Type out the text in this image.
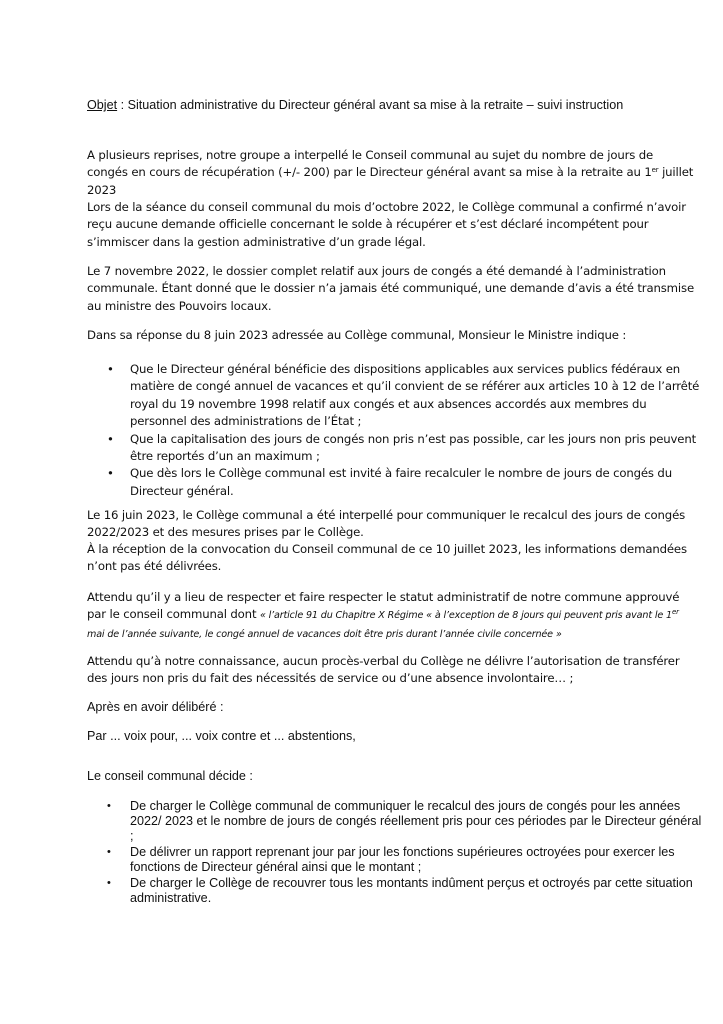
Objet : Situation administrative du Directeur général avant sa mise à la retraite – suivi instruction

A plusieurs reprises, notre groupe a interpellé le Conseil communal au sujet du nombre de jours de congés en cours de récupération (+/- 200) par le Directeur général avant sa mise à la retraite au 1er juillet 2023

Lors de la séance du conseil communal du mois d’octobre 2022, le Collège communal a confirmé n’avoir reçu aucune demande officielle concernant le solde à récupérer et s’est déclaré incompétent pour s’immiscer dans la gestion administrative d’un grade légal.

Le 7 novembre 2022, le dossier complet relatif aux jours de congés a été demandé à l’administration communale. Étant donné que le dossier n’a jamais été communiqué, une demande d’avis a été transmise au ministre des Pouvoirs locaux.

Dans sa réponse du 8 juin 2023 adressée au Collège communal, Monsieur le Ministre indique :

• Que le Directeur général bénéficie des dispositions applicables aux services publics fédéraux en matière de congé annuel de vacances et qu’il convient de se référer aux articles 10 à 12 de l’arrêté royal du 19 novembre 1998 relatif aux congés et aux absences accordés aux membres du personnel des administrations de l’État ;
• Que la capitalisation des jours de congés non pris n’est pas possible, car les jours non pris peuvent être reportés d’un an maximum ;
• Que dès lors le Collège communal est invité à faire recalculer le nombre de jours de congés du Directeur général.

Le 16 juin 2023, le Collège communal a été interpellé pour communiquer le recalcul des jours de congés 2022/2023 et des mesures prises par le Collège.

À la réception de la convocation du Conseil communal de ce 10 juillet 2023, les informations demandées n’ont pas été délivrées.

Attendu qu’il y a lieu de respecter et faire respecter le statut administratif de notre commune approuvé par le conseil communal dont « l’article 91 du Chapitre X Régime « à l’exception de 8 jours qui peuvent pris avant le 1er mai de l’année suivante, le congé annuel de vacances doit être pris durant l’année civile concernée »

Attendu qu’à notre connaissance, aucun procès-verbal du Collège ne délivre l’autorisation de transférer des jours non pris du fait des nécessités de service ou d’une absence involontaire… ;

Après en avoir délibéré :

Par ... voix pour, ... voix contre et ... abstentions,

Le conseil communal décide :

• De charger le Collège communal de communiquer le recalcul des jours de congés pour les années 2022/ 2023 et le nombre de jours de congés réellement pris pour ces périodes par le Directeur général ;
• De délivrer un rapport reprenant jour par jour les fonctions supérieures octroyées pour exercer les fonctions de Directeur général ainsi que le montant ;
• De charger le Collège de recouvrer tous les montants indûment perçus et octroyés par cette situation administrative.
